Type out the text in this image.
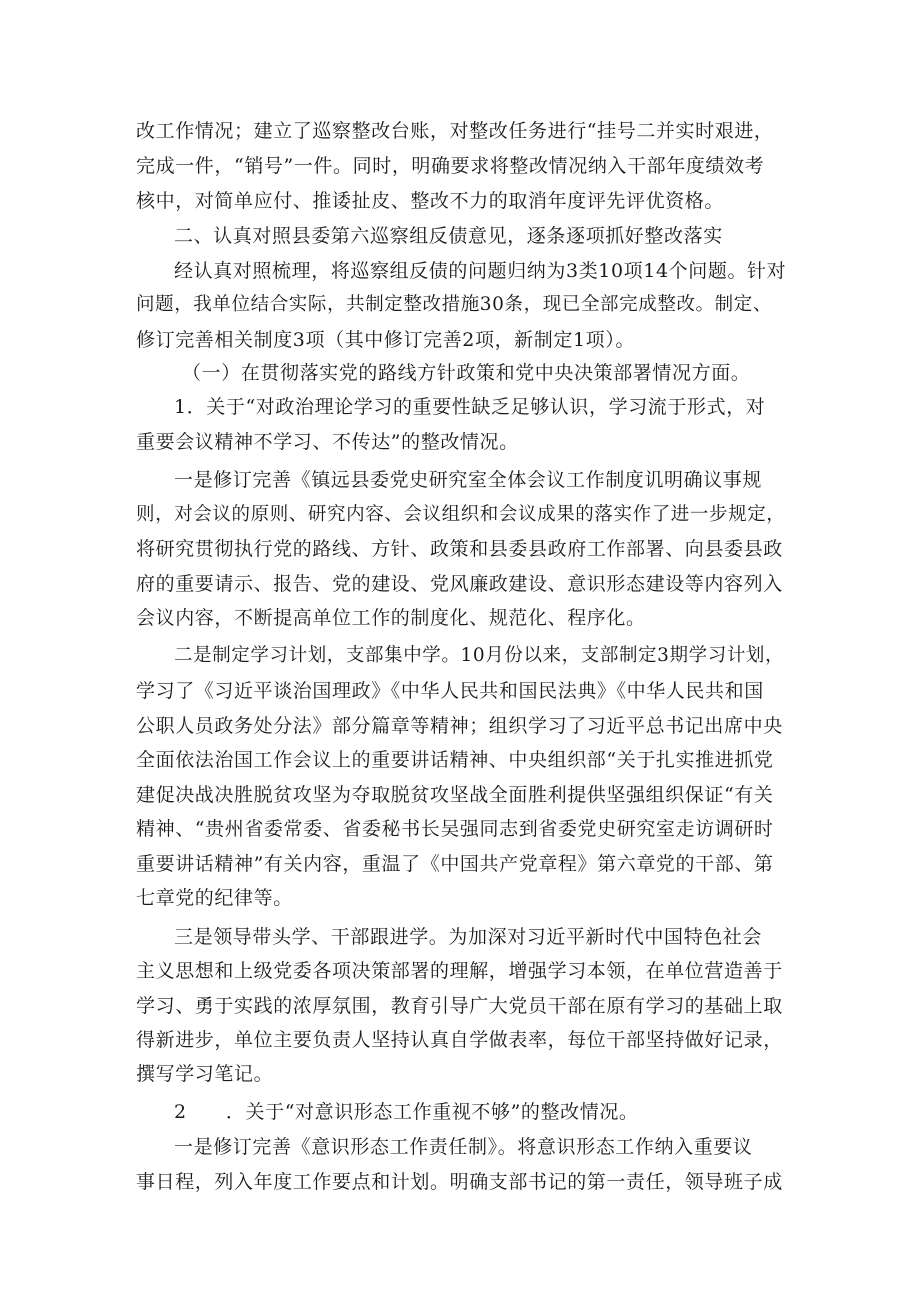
改工作情况；建立了巡察整改台账，对整改任务进行“挂号二并实时艰进，
完成一件，“销号”一件。同时，明确要求将整改情况纳入干部年度绩效考
核中，对简单应付、推诿扯皮、整改不力的取消年度评先评优资格。
二、认真对照县委第六巡察组反债意见，逐条逐项抓好整改落实
经认真对照梳理，将巡察组反债的问题归纳为3类10项14个问题。针对
问题，我单位结合实际，共制定整改措施30条，现已全部完成整改。制定、
修订完善相关制度3项（其中修订完善2项，新制定1项）。
（一）在贯彻落实党的路线方针政策和党中央决策部署情况方面。
1．关于“对政治理论学习的重要性缺乏足够认识，学习流于形式，对
重要会议精神不学习、不传达”的整改情况。
一是修订完善《镇远县委党史研究室全体会议工作制度讥明确议事规
则，对会议的原则、研究内容、会议组织和会议成果的落实作了进一步规定，
将研究贯彻执行党的路线、方针、政策和县委县政府工作部署、向县委县政
府的重要请示、报告、党的建设、党风廉政建设、意识形态建设等内容列入
会议内容，不断提高单位工作的制度化、规范化、程序化。
二是制定学习计划，支部集中学。10月份以来，支部制定3期学习计划，
学习了《习近平谈治国理政》《中华人民共和国民法典》《中华人民共和国
公职人员政务处分法》部分篇章等精神；组织学习了习近平总书记出席中央
全面依法治国工作会议上的重要讲话精神、中央组织部“关于扎实推进抓党
建促决战决胜脱贫攻坚为夺取脱贫攻坚战全面胜利提供坚强组织保证“有关
精神、“贵州省委常委、省委秘书长吴强同志到省委党史研究室走访调研时
重要讲话精神”有关内容，重温了《中国共产党章程》第六章党的干部、第
七章党的纪律等。
三是领导带头学、干部跟进学。为加深对习近平新时代中国特色社会
主义思想和上级党委各项决策部署的理解，增强学习本领，在单位营造善于
学习、勇于实践的浓厚氛围，教育引导广大党员干部在原有学习的基础上取
得新进步，单位主要负责人坚持认真自学做表率，每位干部坚持做好记录，
撰写学习笔记。
2　　．关于“对意识形态工作重视不够”的整改情况。
一是修订完善《意识形态工作责任制》。将意识形态工作纳入重要议
事日程，列入年度工作要点和计划。明确支部书记的第一责任，领导班子成
